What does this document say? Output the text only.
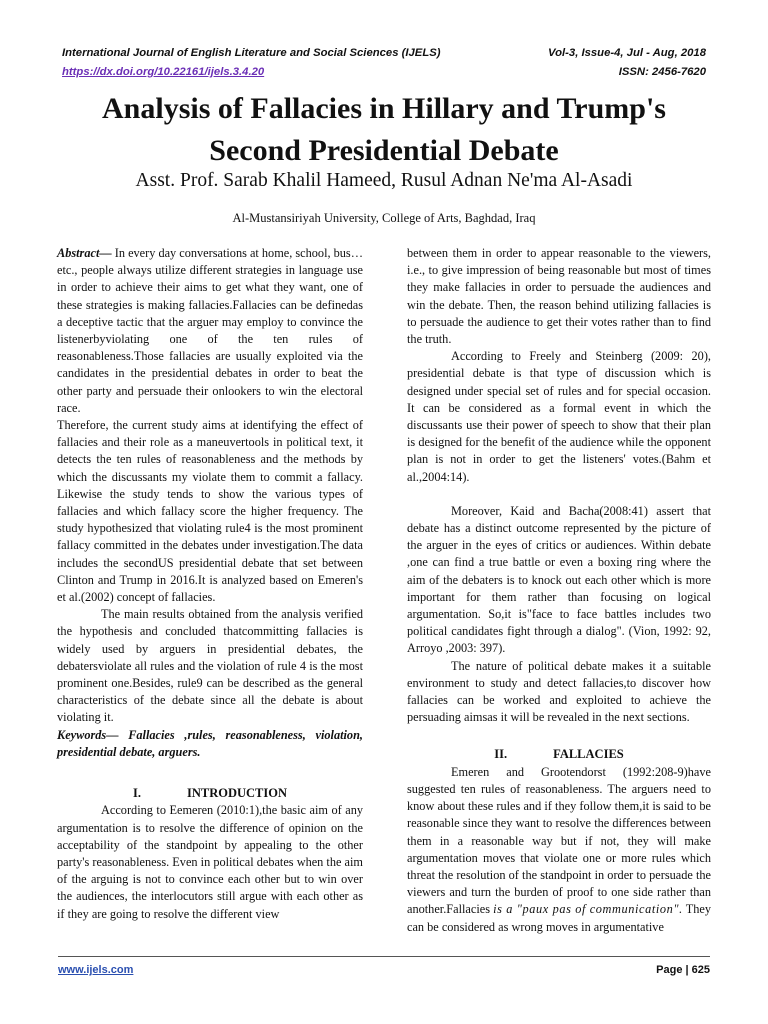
International Journal of English Literature and Social Sciences (IJELS)	Vol-3, Issue-4, Jul - Aug, 2018
https://dx.doi.org/10.22161/ijels.3.4.20	ISSN: 2456-7620
Analysis of Fallacies in Hillary and Trump's
Second Presidential Debate
Asst. Prof. Sarab Khalil Hameed, Rusul Adnan Ne'ma Al-Asadi
Al-Mustansiriyah University, College of Arts, Baghdad, Iraq

Abstract— In every day conversations at home, school, bus…etc., people always utilize different strategies in language use in order to achieve their aims to get what they want, one of these strategies is making fallacies.Fallacies can be definedas a deceptive tactic that the arguer may employ to convince the listenerbyviolating one of the ten rules of reasonableness.Those fallacies are usually exploited via the candidates in the presidential debates in order to beat the other party and persuade their onlookers to win the electoral race.

Therefore, the current study aims at identifying the effect of fallacies and their role as a maneuvertools in political text, it detects the ten rules of reasonableness and the methods by which the discussants my violate them to commit a fallacy. Likewise the study tends to show the various types of fallacies and which fallacy score the higher frequency. The study hypothesized that violating rule4 is the most prominent fallacy committed in the debates under investigation.The data includes the secondUS presidential debate that set between Clinton and Trump in 2016.It is analyzed based on Emeren's et al.(2002) concept of fallacies.

The main results obtained from the analysis verified the hypothesis and concluded thatcommitting fallacies is widely used by arguers in presidential debates, the debatersviolate all rules and the violation of rule 4 is the most prominent one.Besides, rule9 can be described as the general characteristics of the debate since all the debate is about violating it.

Keywords— Fallacies ,rules, reasonableness, violation, presidential debate, arguers.

I.	INTRODUCTION

According to Eemeren (2010:1),the basic aim of any argumentation is to resolve the difference of opinion on the acceptability of the standpoint by appealing to the other party's reasonableness. Even in political debates when the aim of the arguing is not to convince each other but to win over the audiences, the interlocutors still argue with each other as if they are going to resolve the different view

between them in order to appear reasonable to the viewers, i.e., to give impression of being reasonable but most of times they make fallacies in order to persuade the audiences and win the debate. Then, the reason behind utilizing fallacies is to persuade the audience to get their votes rather than to find the truth.

According to Freely and Steinberg (2009: 20), presidential debate is that type of discussion which is designed under special set of rules and for special occasion. It can be considered as a formal event in which the discussants use their power of speech to show that their plan is designed for the benefit of the audience while the opponent plan is not in order to get the listeners' votes.(Bahm et al.,2004:14).

Moreover, Kaid and Bacha(2008:41) assert that debate has a distinct outcome represented by the picture of the arguer in the eyes of critics or audiences. Within debate ,one can find a true battle or even a boxing ring where the aim of the debaters is to knock out each other which is more important for them rather than focusing on logical argumentation. So,it is"face to face battles includes two political candidates fight through a dialog". (Vion, 1992: 92, Arroyo ,2003: 397).

The nature of political debate makes it a suitable environment to study and detect fallacies,to discover how fallacies can be worked and exploited to achieve the persuading aimsas it will be revealed in the next sections.

II.	FALLACIES

Emeren and Grootendorst (1992:208-9)have suggested ten rules of reasonableness. The arguers need to know about these rules and if they follow them,it is said to be reasonable since they want to resolve the differences between them in a reasonable way but if not, they will make argumentation moves that violate one or more rules which threat the resolution of the standpoint in order to persuade the viewers and turn the burden of proof to one side rather than another.Fallacies is a "paux pas of communication". They can be considered as wrong moves in argumentative

www.ijels.com	Page | 625
